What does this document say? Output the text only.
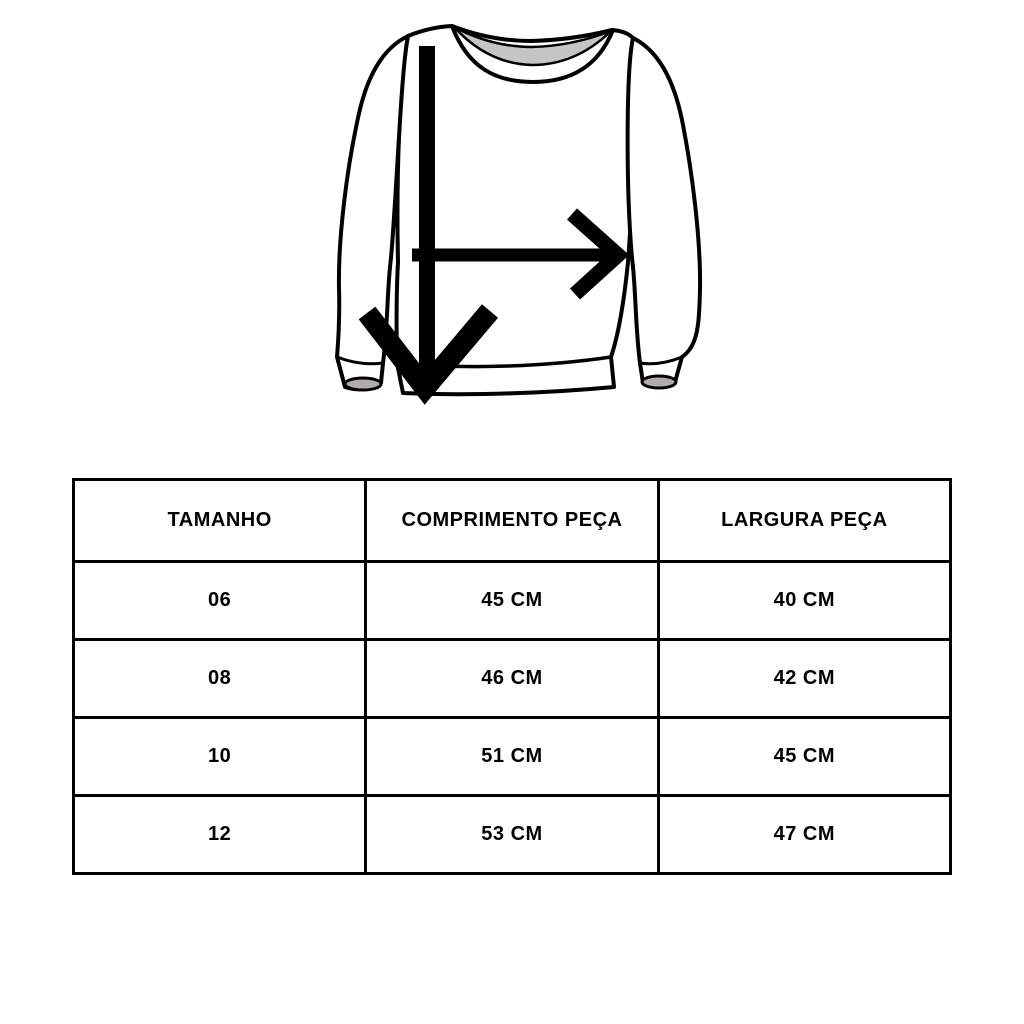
TAMANHO	COMPRIMENTO PEÇA	LARGURA PEÇA
06	45 CM	40 CM
08	46 CM	42 CM
10	51 CM	45 CM
12	53 CM	47 CM
